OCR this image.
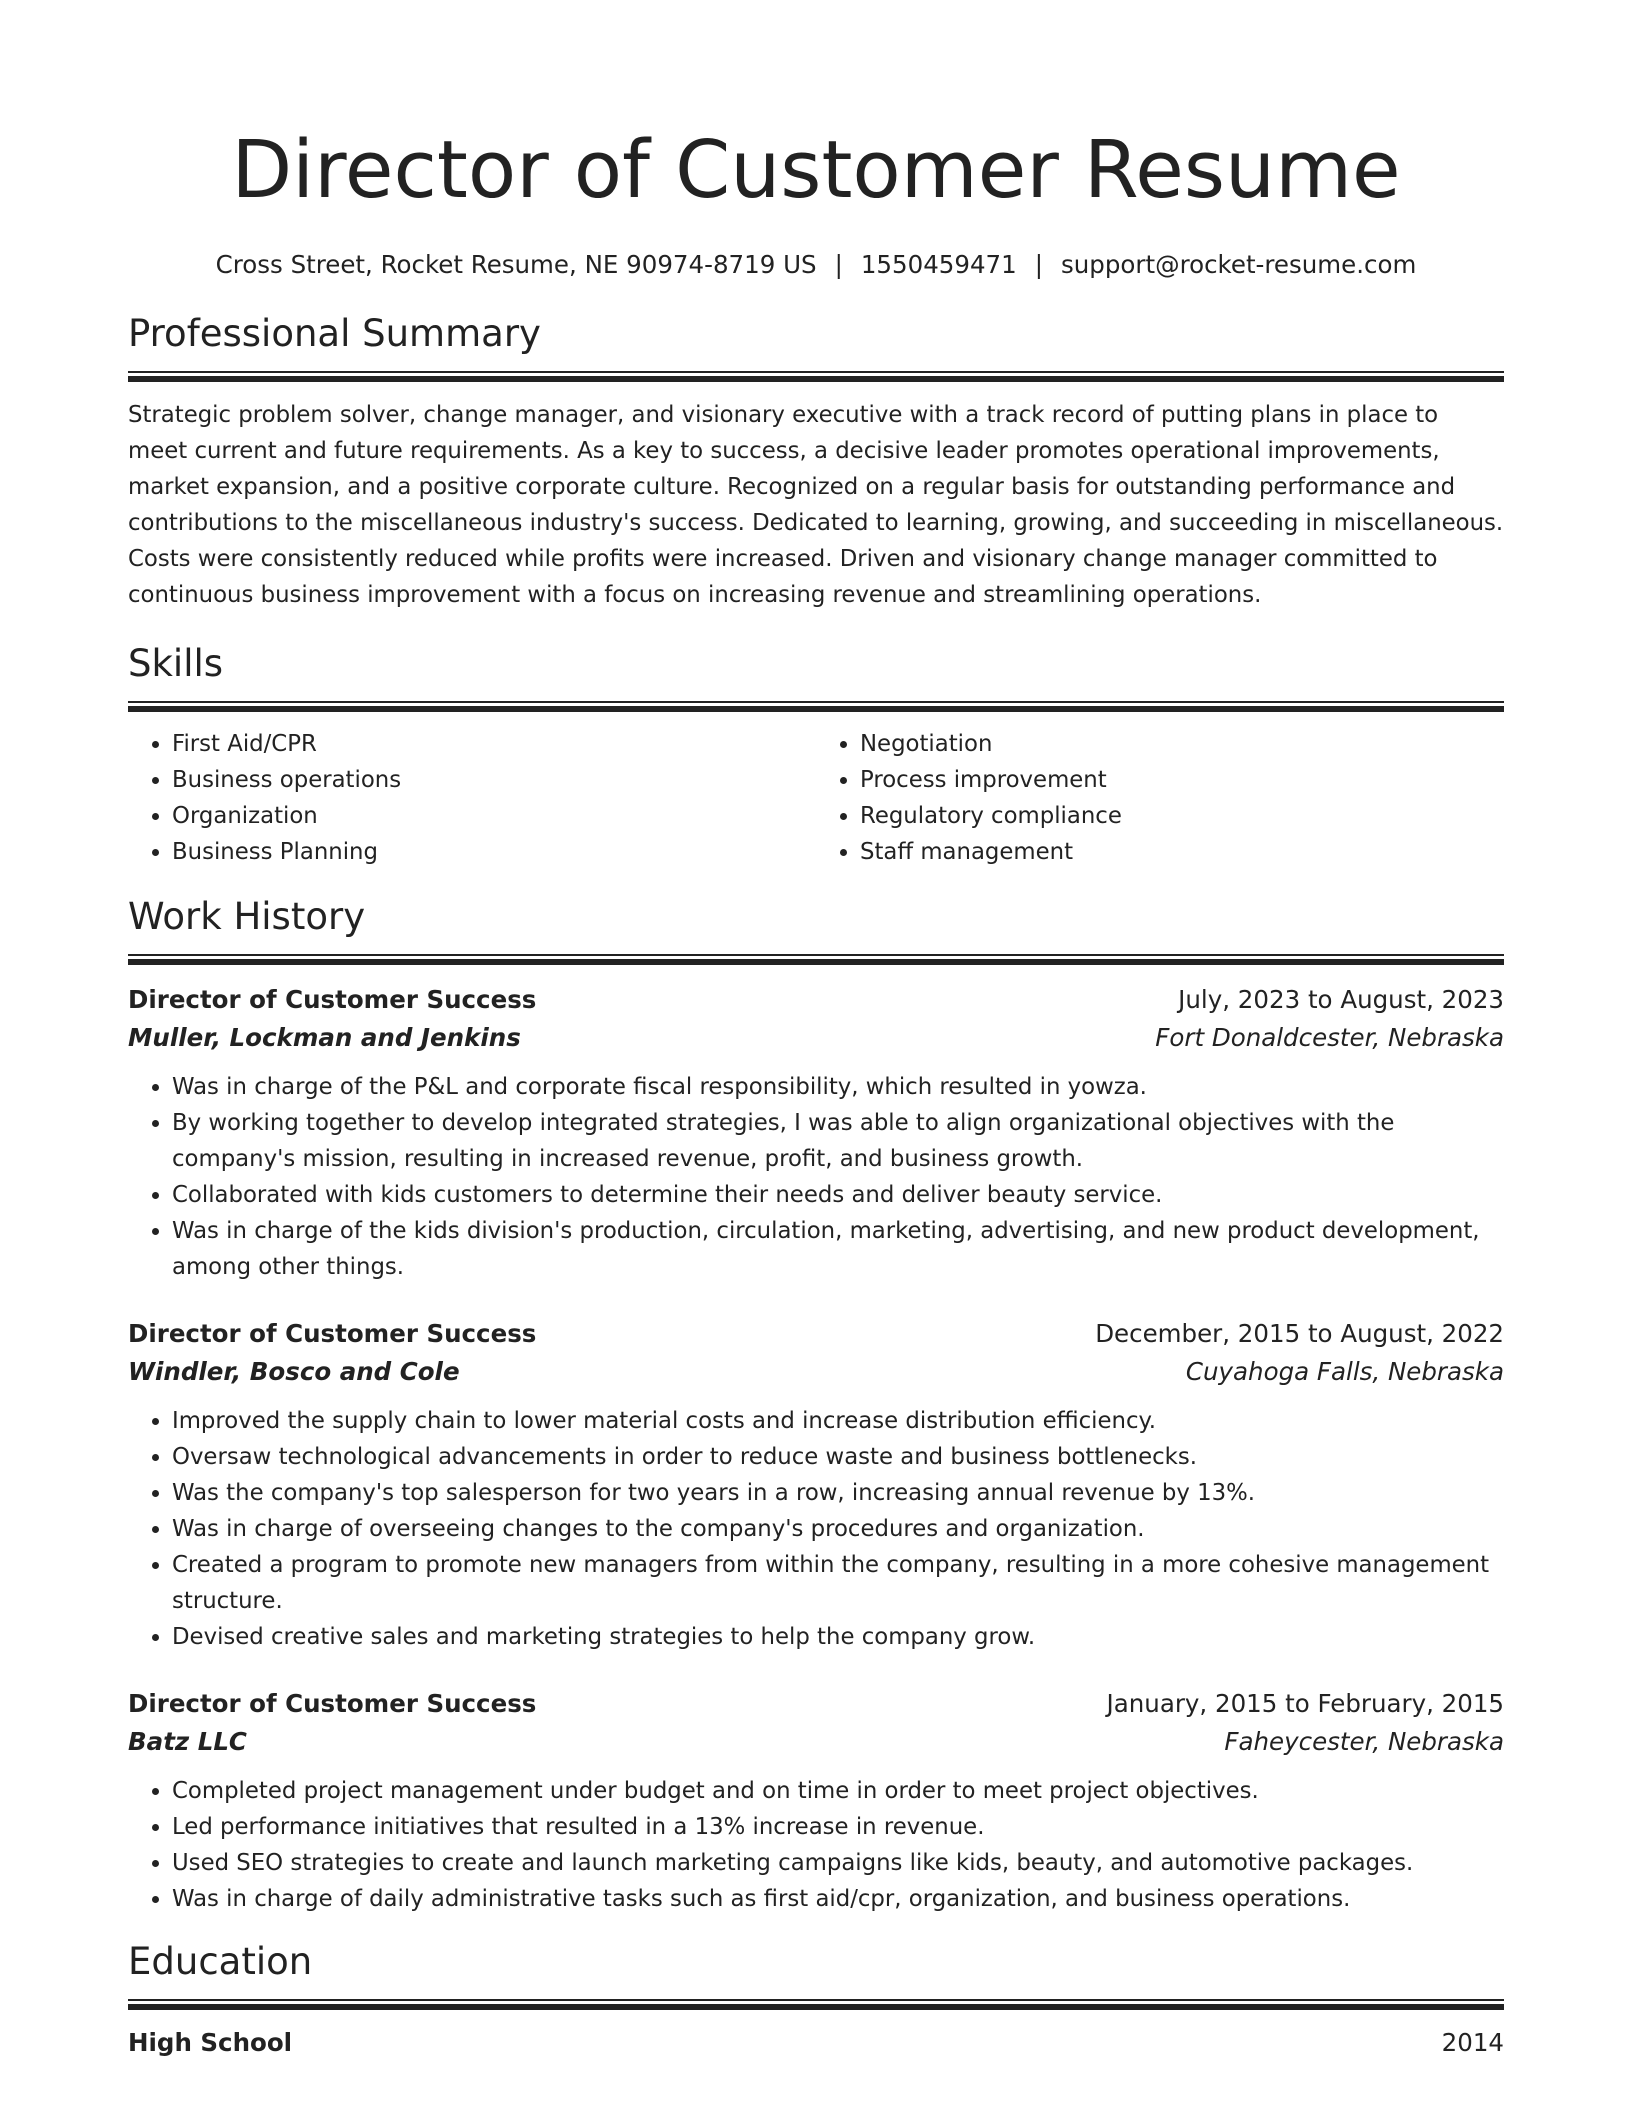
Director of Customer Resume
Cross Street, Rocket Resume, NE 90974-8719 US | 1550459471 | support@rocket-resume.com
Professional Summary

Strategic problem solver, change manager, and visionary executive with a track record of putting plans in place to meet current and future requirements. As a key to success, a decisive leader promotes operational improvements, market expansion, and a positive corporate culture. Recognized on a regular basis for outstanding performance and contributions to the miscellaneous industry's success. Dedicated to learning, growing, and succeeding in miscellaneous. Costs were consistently reduced while profits were increased. Driven and visionary change manager committed to continuous business improvement with a focus on increasing revenue and streamlining operations.

Skills
• First Aid/CPR
• Business operations
• Organization
• Business Planning
• Negotiation
• Process improvement
• Regulatory compliance
• Staff management
Work History
Director of Customer Success	July, 2023 to August, 2023
Muller, Lockman and Jenkins	Fort Donaldcester, Nebraska
• Was in charge of the P&L and corporate fiscal responsibility, which resulted in yowza.
• By working together to develop integrated strategies, I was able to align organizational objectives with the company's mission, resulting in increased revenue, profit, and business growth.
• Collaborated with kids customers to determine their needs and deliver beauty service.
• Was in charge of the kids division's production, circulation, marketing, advertising, and new product development, among other things.
Director of Customer Success	December, 2015 to August, 2022
Windler, Bosco and Cole	Cuyahoga Falls, Nebraska
• Improved the supply chain to lower material costs and increase distribution efficiency.
• Oversaw technological advancements in order to reduce waste and business bottlenecks.
• Was the company's top salesperson for two years in a row, increasing annual revenue by 13%.
• Was in charge of overseeing changes to the company's procedures and organization.
• Created a program to promote new managers from within the company, resulting in a more cohesive management structure.
• Devised creative sales and marketing strategies to help the company grow.
Director of Customer Success	January, 2015 to February, 2015
Batz LLC	Faheycester, Nebraska
• Completed project management under budget and on time in order to meet project objectives.
• Led performance initiatives that resulted in a 13% increase in revenue.
• Used SEO strategies to create and launch marketing campaigns like kids, beauty, and automotive packages.
• Was in charge of daily administrative tasks such as first aid/cpr, organization, and business operations.
Education
High School	2014
